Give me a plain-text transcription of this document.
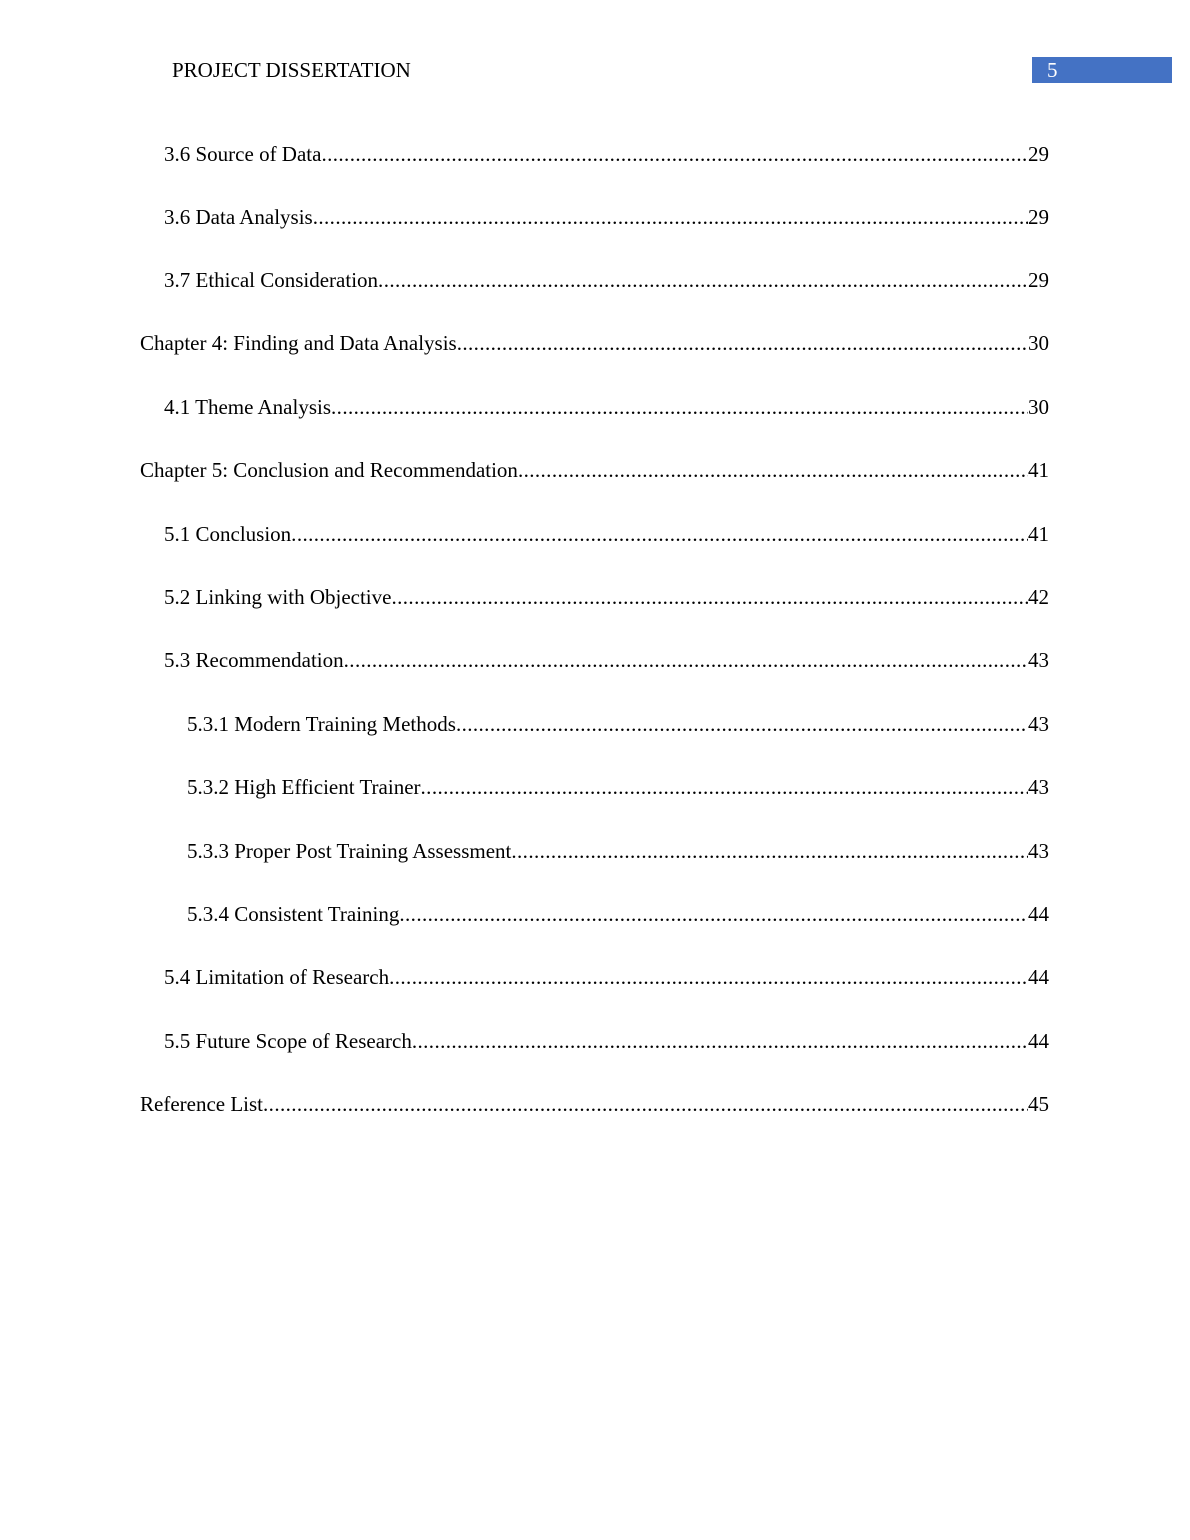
PROJECT DISSERTATION	5
3.6 Source of Data .....	29
3.6 Data Analysis .....	29
3.7 Ethical Consideration .....	29
Chapter 4: Finding and Data Analysis .....	30
4.1 Theme Analysis .....	30
Chapter 5: Conclusion and Recommendation .....	41
5.1 Conclusion .....	41
5.2 Linking with Objective .....	42
5.3 Recommendation .....	43
5.3.1 Modern Training Methods .....	43
5.3.2 High Efficient Trainer .....	43
5.3.3 Proper Post Training Assessment .....	43
5.3.4 Consistent Training .....	44
5.4 Limitation of Research .....	44
5.5 Future Scope of Research .....	44
Reference List .....	45
